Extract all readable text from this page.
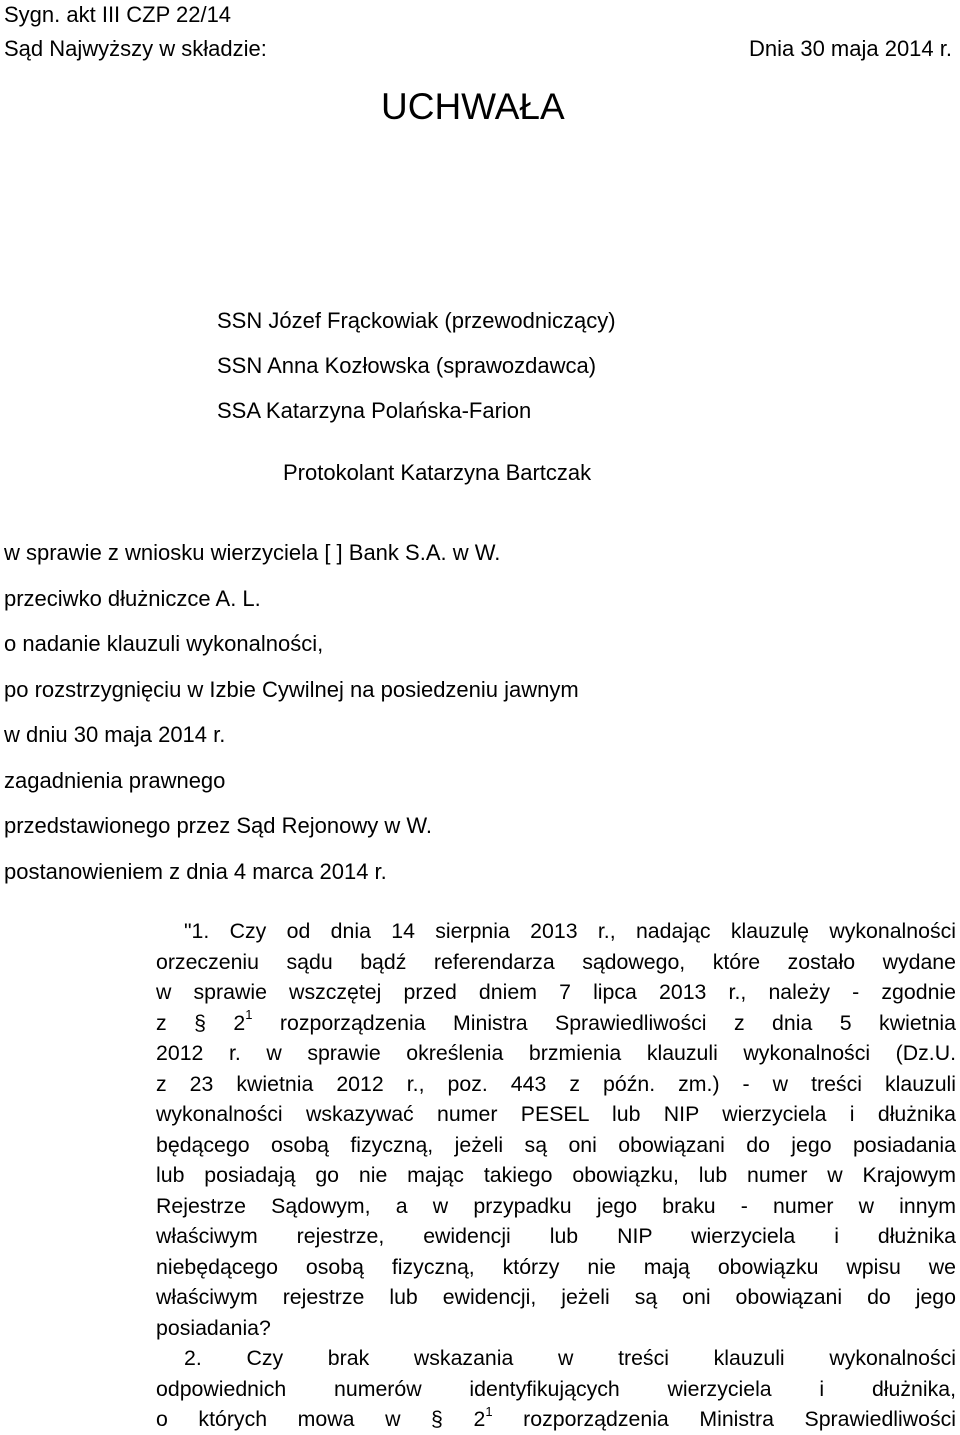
Sygn. akt III CZP 22/14
UCHWAŁA
Sąd Najwyższy w składzie:	Dnia 30 maja 2014 r.
SSN Józef Frąckowiak (przewodniczący)
SSN Anna Kozłowska (sprawozdawca)
SSA Katarzyna Polańska-Farion
Protokolant Katarzyna Bartczak
w sprawie z wniosku wierzyciela [ ] Bank S.A. w W.
przeciwko dłużniczce A. L.
o nadanie klauzuli wykonalności,
po rozstrzygnięciu w Izbie Cywilnej na posiedzeniu jawnym
w dniu 30 maja 2014 r.
zagadnienia prawnego
przedstawionego przez Sąd Rejonowy w W.
postanowieniem z dnia 4 marca 2014 r.
"1. Czy od dnia 14 sierpnia 2013 r., nadając klauzulę wykonalności
orzeczeniu sądu bądź referendarza sądowego, które zostało wydane
w sprawie wszczętej przed dniem 7 lipca 2013 r., należy - zgodnie
z § $2^1$ rozporządzenia Ministra Sprawiedliwości z dnia 5 kwietnia
2012 r. w sprawie określenia brzmienia klauzuli wykonalności (Dz.U.
z 23 kwietnia 2012 r., poz. 443 z późn. zm.) - w treści klauzuli
wykonalności wskazywać numer PESEL lub NIP wierzyciela i dłużnika
będącego osobą fizyczną, jeżeli są oni obowiązani do jego posiadania
lub posiadają go nie mając takiego obowiązku, lub numer w Krajowym
Rejestrze Sądowym, a w przypadku jego braku - numer w innym
właściwym rejestrze, ewidencji lub NIP wierzyciela i dłużnika
niebędącego osobą fizyczną, którzy nie mają obowiązku wpisu we
właściwym rejestrze lub ewidencji, jeżeli są oni obowiązani do jego
posiadania?
2. Czy brak wskazania w treści klauzuli wykonalności
odpowiednich numerów identyfikujących wierzyciela i dłużnika,
o których mowa w § $2^1$ rozporządzenia Ministra Sprawiedliwości
